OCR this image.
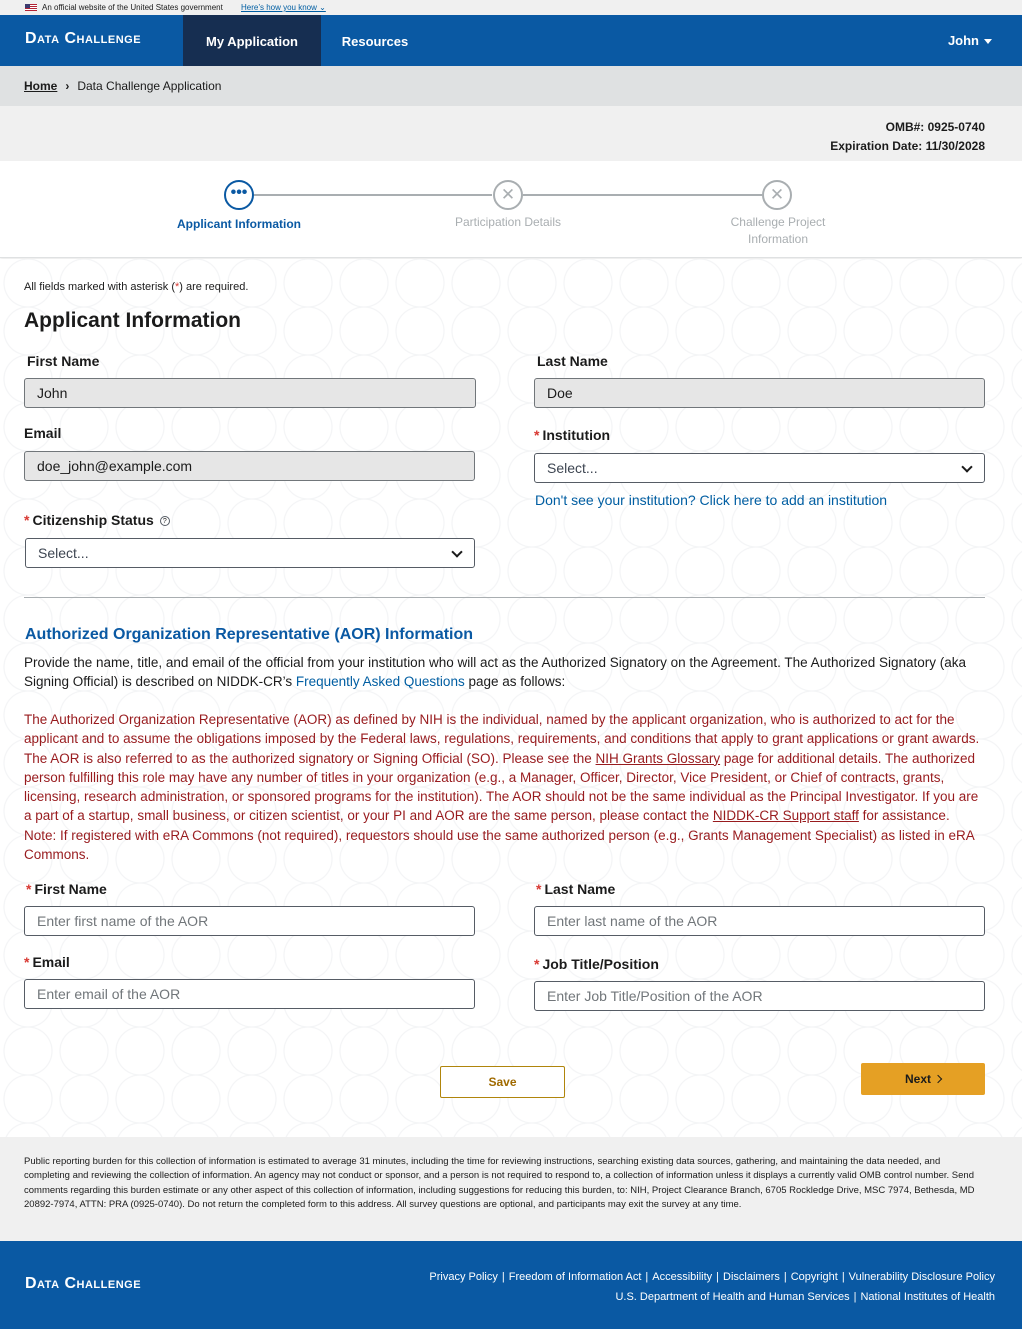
An official website of the United States government Here’s how you know ⌄
Data Challenge	My Application	Resources	John
Home › Data Challenge Application
OMB#: 0925-0740
Expiration Date: 11/30/2028
•••	✕	✕
Applicant Information	Participation Details	Challenge Project Information
All fields marked with asterisk (*) are required.
Applicant Information
First Name
John
Last Name
Doe
Email
doe_john@example.com
* Institution
Select...
Don't see your institution? Click here to add an institution
* Citizenship Status ?
Select...
Authorized Organization Representative (AOR) Information

Provide the name, title, and email of the official from your institution who will act as the Authorized Signatory on the Agreement. The Authorized Signatory (aka Signing Official) is described on NIDDK-CR’s Frequently Asked Questions page as follows:

The Authorized Organization Representative (AOR) as defined by NIH is the individual, named by the applicant organization, who is authorized to act for the applicant and to assume the obligations imposed by the Federal laws, regulations, requirements, and conditions that apply to grant applications or grant awards. The AOR is also referred to as the authorized signatory or Signing Official (SO). Please see the NIH Grants Glossary page for additional details. The authorized person fulfilling this role may have any number of titles in your organization (e.g., a Manager, Officer, Director, Vice President, or Chief of contracts, grants, licensing, research administration, or sponsored programs for the institution). The AOR should not be the same individual as the Principal Investigator. If you are a part of a startup, small business, or citizen scientist, or your PI and AOR are the same person, please contact the NIDDK-CR Support staff for assistance. Note: If registered with eRA Commons (not required), requestors should use the same authorized person (e.g., Grants Management Specialist) as listed in eRA Commons.

* First Name
Enter first name of the AOR
* Last Name
Enter last name of the AOR
* Email
Enter email of the AOR
* Job Title/Position
Enter Job Title/Position of the AOR
Save	Next
Public reporting burden for this collection of information is estimated to average 31 minutes, including the time for reviewing instructions, searching existing data sources, gathering, and maintaining the data needed, and completing and reviewing the collection of information. An agency may not conduct or sponsor, and a person is not required to respond to, a collection of information unless it displays a currently valid OMB control number. Send comments regarding this burden estimate or any other aspect of this collection of information, including suggestions for reducing this burden, to: NIH, Project Clearance Branch, 6705 Rockledge Drive, MSC 7974, Bethesda, MD 20892-7974, ATTN: PRA (0925-0740). Do not return the completed form to this address. All survey questions are optional, and participants may exit the survey at any time.
Data Challenge	Privacy Policy | Freedom of Information Act | Accessibility | Disclaimers | Copyright | Vulnerability Disclosure Policy
U.S. Department of Health and Human Services | National Institutes of Health
